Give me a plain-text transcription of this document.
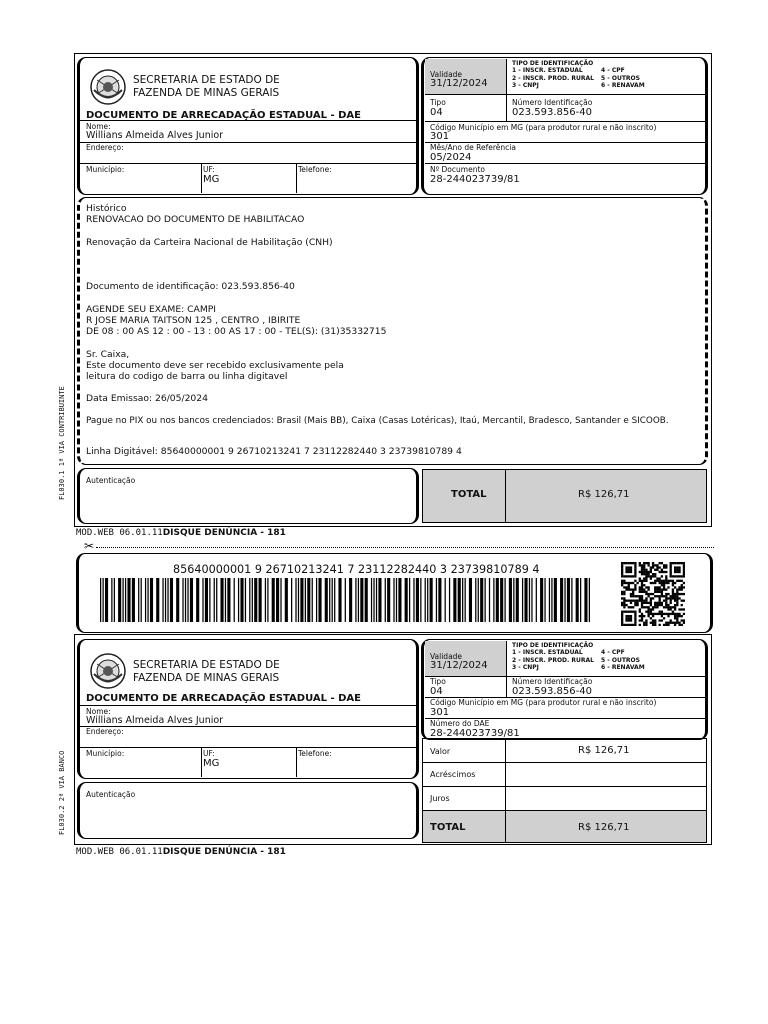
SECRETARIA DE ESTADO DE
FAZENDA DE MINAS GERAIS
DOCUMENTO DE ARRECADAÇÃO ESTADUAL - DAE
Nome:
Willians Almeida Alves Junior
Endereço:
Município:	UF:
MG
Telefone:
Validade
31/12/2024
TIPO DE IDENTIFICAÇÃO
1 - INSCR. ESTADUAL
2 - INSCR. PROD. RURAL
3 - CNPJ
4 - CPF
5 - OUTROS
6 - RENAVAM
Tipo
04
Número Identificação
023.593.856-40
Código Município em MG (para produtor rural e não inscrito)
301
Mês/Ano de Referência
05/2024
Nº Documento
28-244023739/81
Histórico
RENOVACAO DO DOCUMENTO DE HABILITACAO
Renovação da Carteira Nacional de Habilitação (CNH)
Documento de identificação: 023.593.856-40
AGENDE SEU EXAME: CAMPI
R JOSE MARIA TAITSON 125 , CENTRO , IBIRITE
DE 08 : 00 AS 12 : 00 - 13 : 00 AS 17 : 00 - TEL(S): (31)35332715
Sr. Caixa,
Este documento deve ser recebido exclusivamente pela
leitura do codigo de barra ou linha digitavel
Data Emissao: 26/05/2024
Pague no PIX ou nos bancos credenciados: Brasil (Mais BB), Caixa (Casas Lotéricas), Itaú, Mercantil, Bradesco, Santander e SICOOB.
Linha Digitável: 85640000001 9 26710213241 7 23112282440 3 23739810789 4
Autenticação
TOTAL	R$ 126,71
FL030.1 1ª VIA CONTRIBUINTE
MOD.WEB 06.01.11DISQUE DENÚNCIA - 181
✂
85640000001 9 26710213241 7 23112282440 3 23739810789 4
SECRETARIA DE ESTADO DE
FAZENDA DE MINAS GERAIS
DOCUMENTO DE ARRECADAÇÃO ESTADUAL - DAE
Nome:
Willians Almeida Alves Junior
Endereço:
Município:	UF:
MG
Telefone:
Validade
31/12/2024
TIPO DE IDENTIFICAÇÃO
1 - INSCR. ESTADUAL
2 - INSCR. PROD. RURAL
3 - CNPJ
4 - CPF
5 - OUTROS
6 - RENAVAM
Tipo
04
Número Identificação
023.593.856-40
Código Município em MG (para produtor rural e não inscrito)
301
Número do DAE
28-244023739/81
Valor	R$ 126,71
Acréscimos
Juros
TOTAL	R$ 126,71
Autenticação
FL030.2 2ª VIA BANCO
MOD.WEB 06.01.11DISQUE DENÚNCIA - 181
